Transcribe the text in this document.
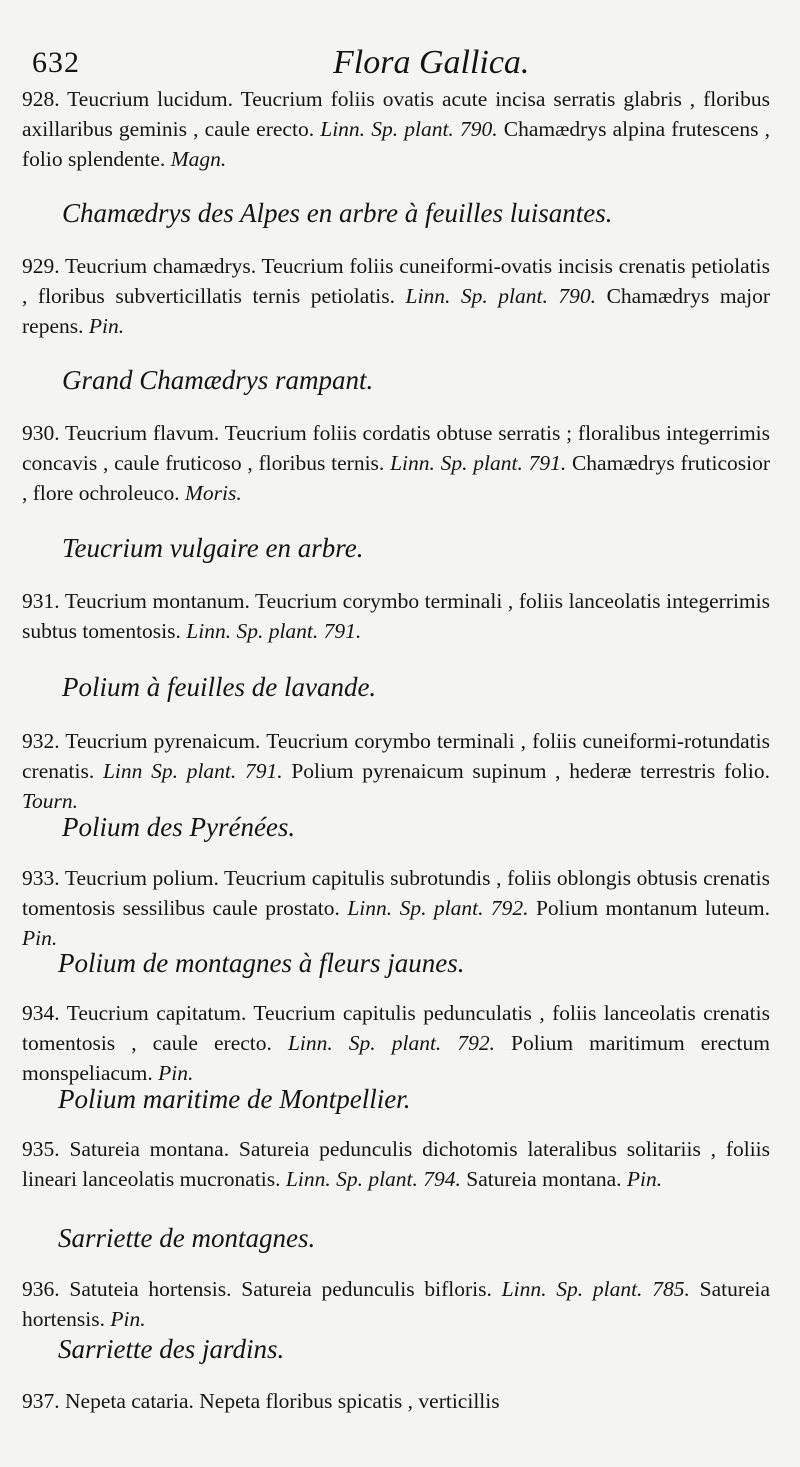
632	Flora Gallica.

928. Teucrium lucidum. Teucrium foliis ovatis acute incisa serratis glabris , floribus axillaribus geminis , caule erecto. Linn. Sp. plant. 790. Chamædrys alpina frutescens , folio splendente. Magn.

Chamædrys des Alpes en arbre à feuilles luisantes.

929. Teucrium chamædrys. Teucrium foliis cuneiformi-ovatis incisis crenatis petiolatis , floribus subverticillatis ternis petiolatis. Linn. Sp. plant. 790. Chamædrys major repens. Pin.

Grand Chamædrys rampant.

930. Teucrium flavum. Teucrium foliis cordatis obtuse serratis ; floralibus integerrimis concavis , caule fruticoso , floribus ternis. Linn. Sp. plant. 791. Chamædrys fruticosior , flore ochroleuco. Moris.

Teucrium vulgaire en arbre.

931. Teucrium montanum. Teucrium corymbo terminali , foliis lanceolatis integerrimis subtus tomentosis. Linn. Sp. plant. 791.

Polium à feuilles de lavande.

932. Teucrium pyrenaicum. Teucrium corymbo terminali , foliis cuneiformi-rotundatis crenatis. Linn Sp. plant. 791. Polium pyrenaicum supinum , hederæ terrestris folio. Tourn.

Polium des Pyrénées.

933. Teucrium polium. Teucrium capitulis subrotundis , foliis oblongis obtusis crenatis tomentosis sessilibus caule prostato. Linn. Sp. plant. 792. Polium montanum luteum. Pin.

Polium de montagnes à fleurs jaunes.

934. Teucrium capitatum. Teucrium capitulis pedunculatis , foliis lanceolatis crenatis tomentosis , caule erecto. Linn. Sp. plant. 792. Polium maritimum erectum monspeliacum. Pin.

Polium maritime de Montpellier.

935. Satureia montana. Satureia pedunculis dichotomis lateralibus solitariis , foliis lineari lanceolatis mucronatis. Linn. Sp. plant. 794. Satureia montana. Pin.

Sarriette de montagnes.

936. Satuteia hortensis. Satureia pedunculis bifloris. Linn. Sp. plant. 785. Satureia hortensis. Pin.

Sarriette des jardins.

937. Nepeta cataria. Nepeta floribus spicatis , verticillis
